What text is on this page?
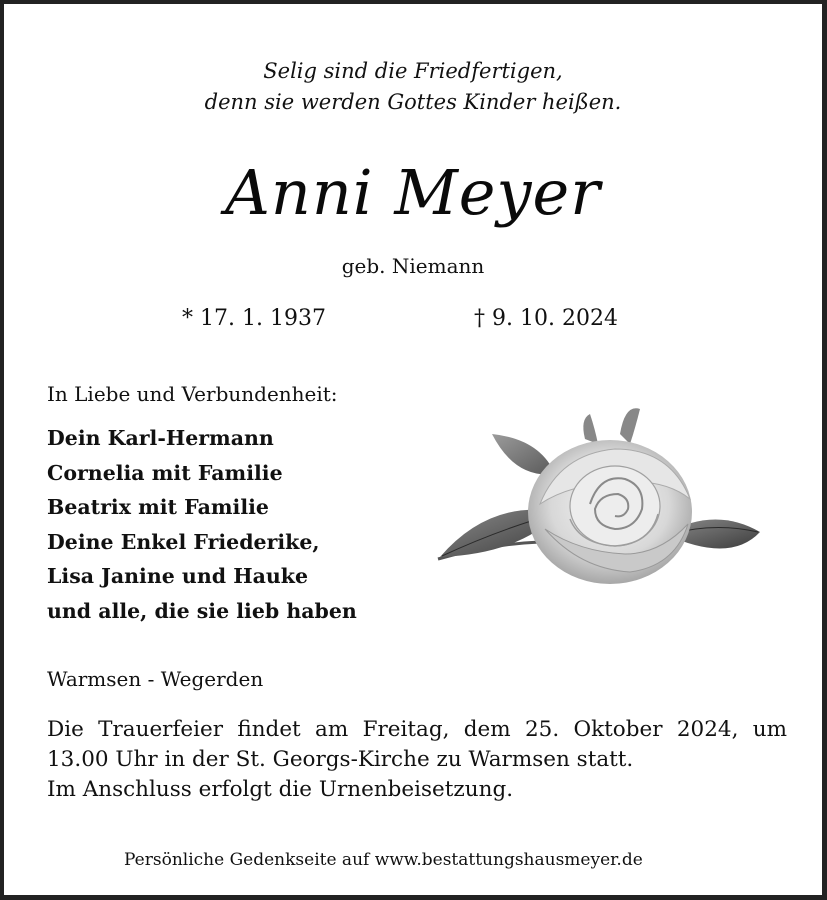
Selig sind die Friedfertigen,
denn sie werden Gottes Kinder heißen.
Anni Meyer
geb. Niemann
* 17. 1. 1937	† 9. 10. 2024
In Liebe und Verbundenheit:
Dein Karl-Hermann
Cornelia mit Familie
Beatrix mit Familie
Deine Enkel Friederike,
Lisa Janine und Hauke
und alle, die sie lieb haben
Warmsen - Wegerden

Die Trauerfeier findet am Freitag, dem 25. Oktober 2024, um 13.00 Uhr in der St. Georgs-Kirche zu Warmsen statt.

Im Anschluss erfolgt die Urnenbeisetzung.

Persönliche Gedenkseite auf www.bestattungshausmeyer.de
